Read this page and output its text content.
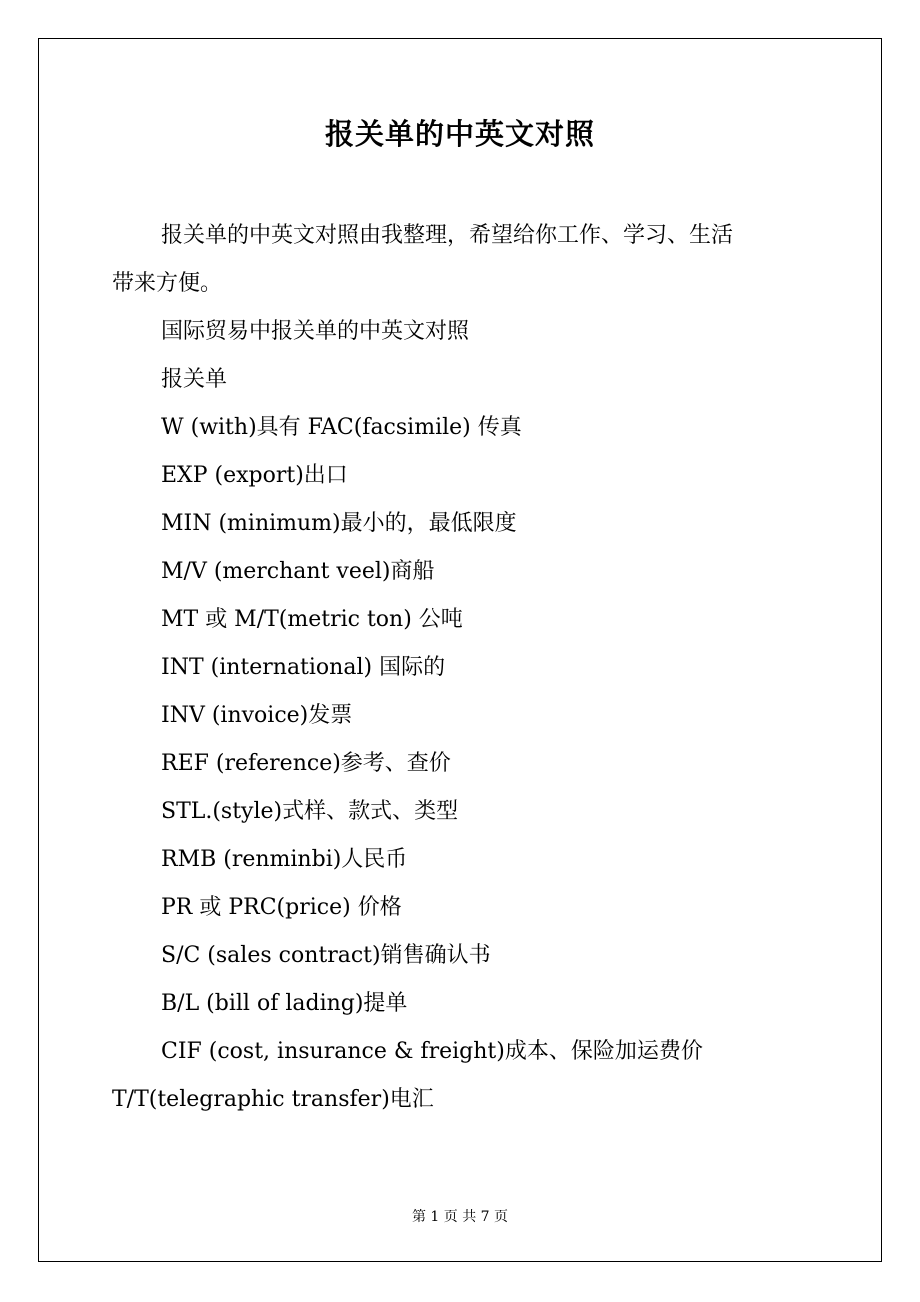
报关单的中英文对照
报关单的中英文对照由我整理，希望给你工作、学习、生活
带来方便。
国际贸易中报关单的中英文对照
报关单
W (with)具有 FAC(facsimile) 传真
EXP (export)出口
MIN (minimum)最小的，最低限度
M/V (merchant veel)商船
MT 或 M/T(metric ton) 公吨
INT (international) 国际的
INV (invoice)发票
REF (reference)参考、查价
STL.(style)式样、款式、类型
RMB (renminbi)人民币
PR 或 PRC(price) 价格
S/C (sales contract)销售确认书
B/L (bill of lading)提单
CIF (cost, insurance & freight)成本、保险加运费价
T/T(telegraphic transfer)电汇
第 1 页 共 7 页
